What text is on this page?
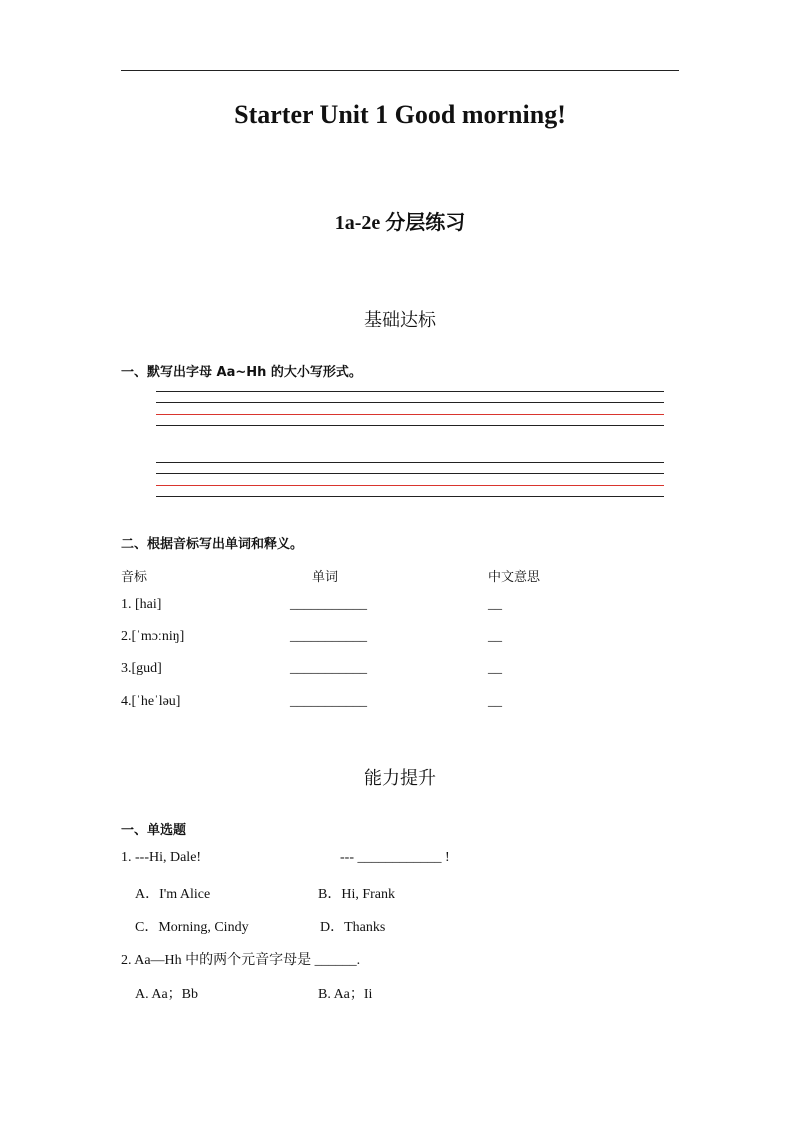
Starter Unit 1 Good morning!
1a-2e 分层练习
基础达标
一、默写出字母 Aa~Hh 的大小写形式。
二、根据音标写出单词和释义。
音标	单词	中文意思
1. [hai]	___________	__
2.[ˈmɔːniŋ]	___________	__
3.[gud]	___________	__
4.[ˈheˈləu]	___________	__
能力提升
一、单选题
1. ---Hi, Dale!	--- ____________ !
A．I'm Alice	B．Hi, Frank
C．Morning, Cindy	D．Thanks
2. Aa—Hh 中的两个元音字母是 ______.
A. Aa；Bb	B. Aa；Ii
